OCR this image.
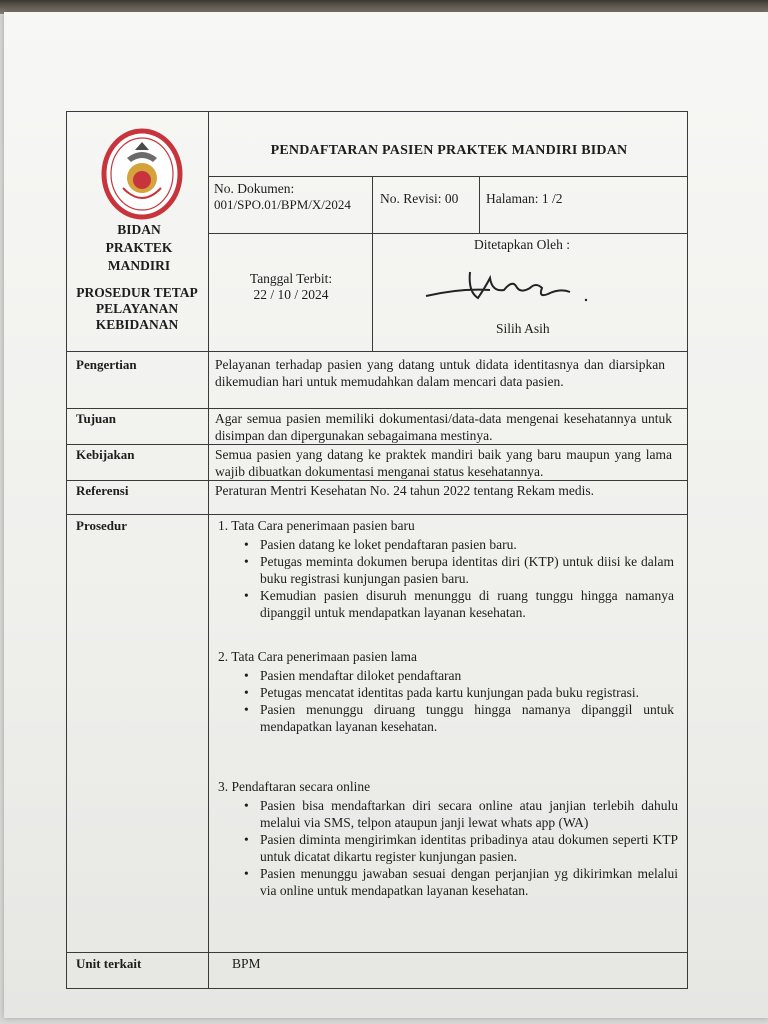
BIDAN PRAKTEK MANDIRI
PROSEDUR TETAP PELAYANAN KEBIDANAN
PENDAFTARAN PASIEN PRAKTEK MANDIRI BIDAN
No. Dokumen:
001/SPO.01/BPM/X/2024	No. Revisi: 00 Halaman: 1 /2
Tanggal Terbit:
22 / 10 / 2024
Ditetapkan Oleh :
Silih Asih
Pengertian	Pelayanan terhadap pasien yang datang untuk didata identitasnya dan diarsipkan dikemudian hari untuk memudahkan dalam mencari data pasien.
Tujuan	Agar semua pasien memiliki dokumentasi/data-data mengenai kesehatannya untuk disimpan dan dipergunakan sebagaimana mestinya.
Kebijakan	Semua pasien yang datang ke praktek mandiri baik yang baru maupun yang lama wajib dibuatkan dokumentasi menganai status kesehatannya.
Referensi	Peraturan Mentri Kesehatan No. 24 tahun 2022 tentang Rekam medis.
Prosedur	1. Tata Cara penerimaan pasien baru
• Pasien datang ke loket pendaftaran pasien baru.
• Petugas meminta dokumen berupa identitas diri (KTP) untuk diisi ke dalam buku registrasi kunjungan pasien baru.
• Kemudian pasien disuruh menunggu di ruang tunggu hingga namanya dipanggil untuk mendapatkan layanan kesehatan.
2. Tata Cara penerimaan pasien lama
• Pasien mendaftar diloket pendaftaran
• Petugas mencatat identitas pada kartu kunjungan pada buku registrasi.
• Pasien menunggu diruang tunggu hingga namanya dipanggil untuk mendapatkan layanan kesehatan.
3. Pendaftaran secara online
• Pasien bisa mendaftarkan diri secara online atau janjian terlebih dahulu melalui via SMS, telpon ataupun janji lewat whats app (WA)
• Pasien diminta mengirimkan identitas pribadinya atau dokumen seperti KTP untuk dicatat dikartu register kunjungan pasien.
• Pasien menunggu jawaban sesuai dengan perjanjian yg dikirimkan melalui via online untuk mendapatkan layanan kesehatan.
Unit terkait	BPM
